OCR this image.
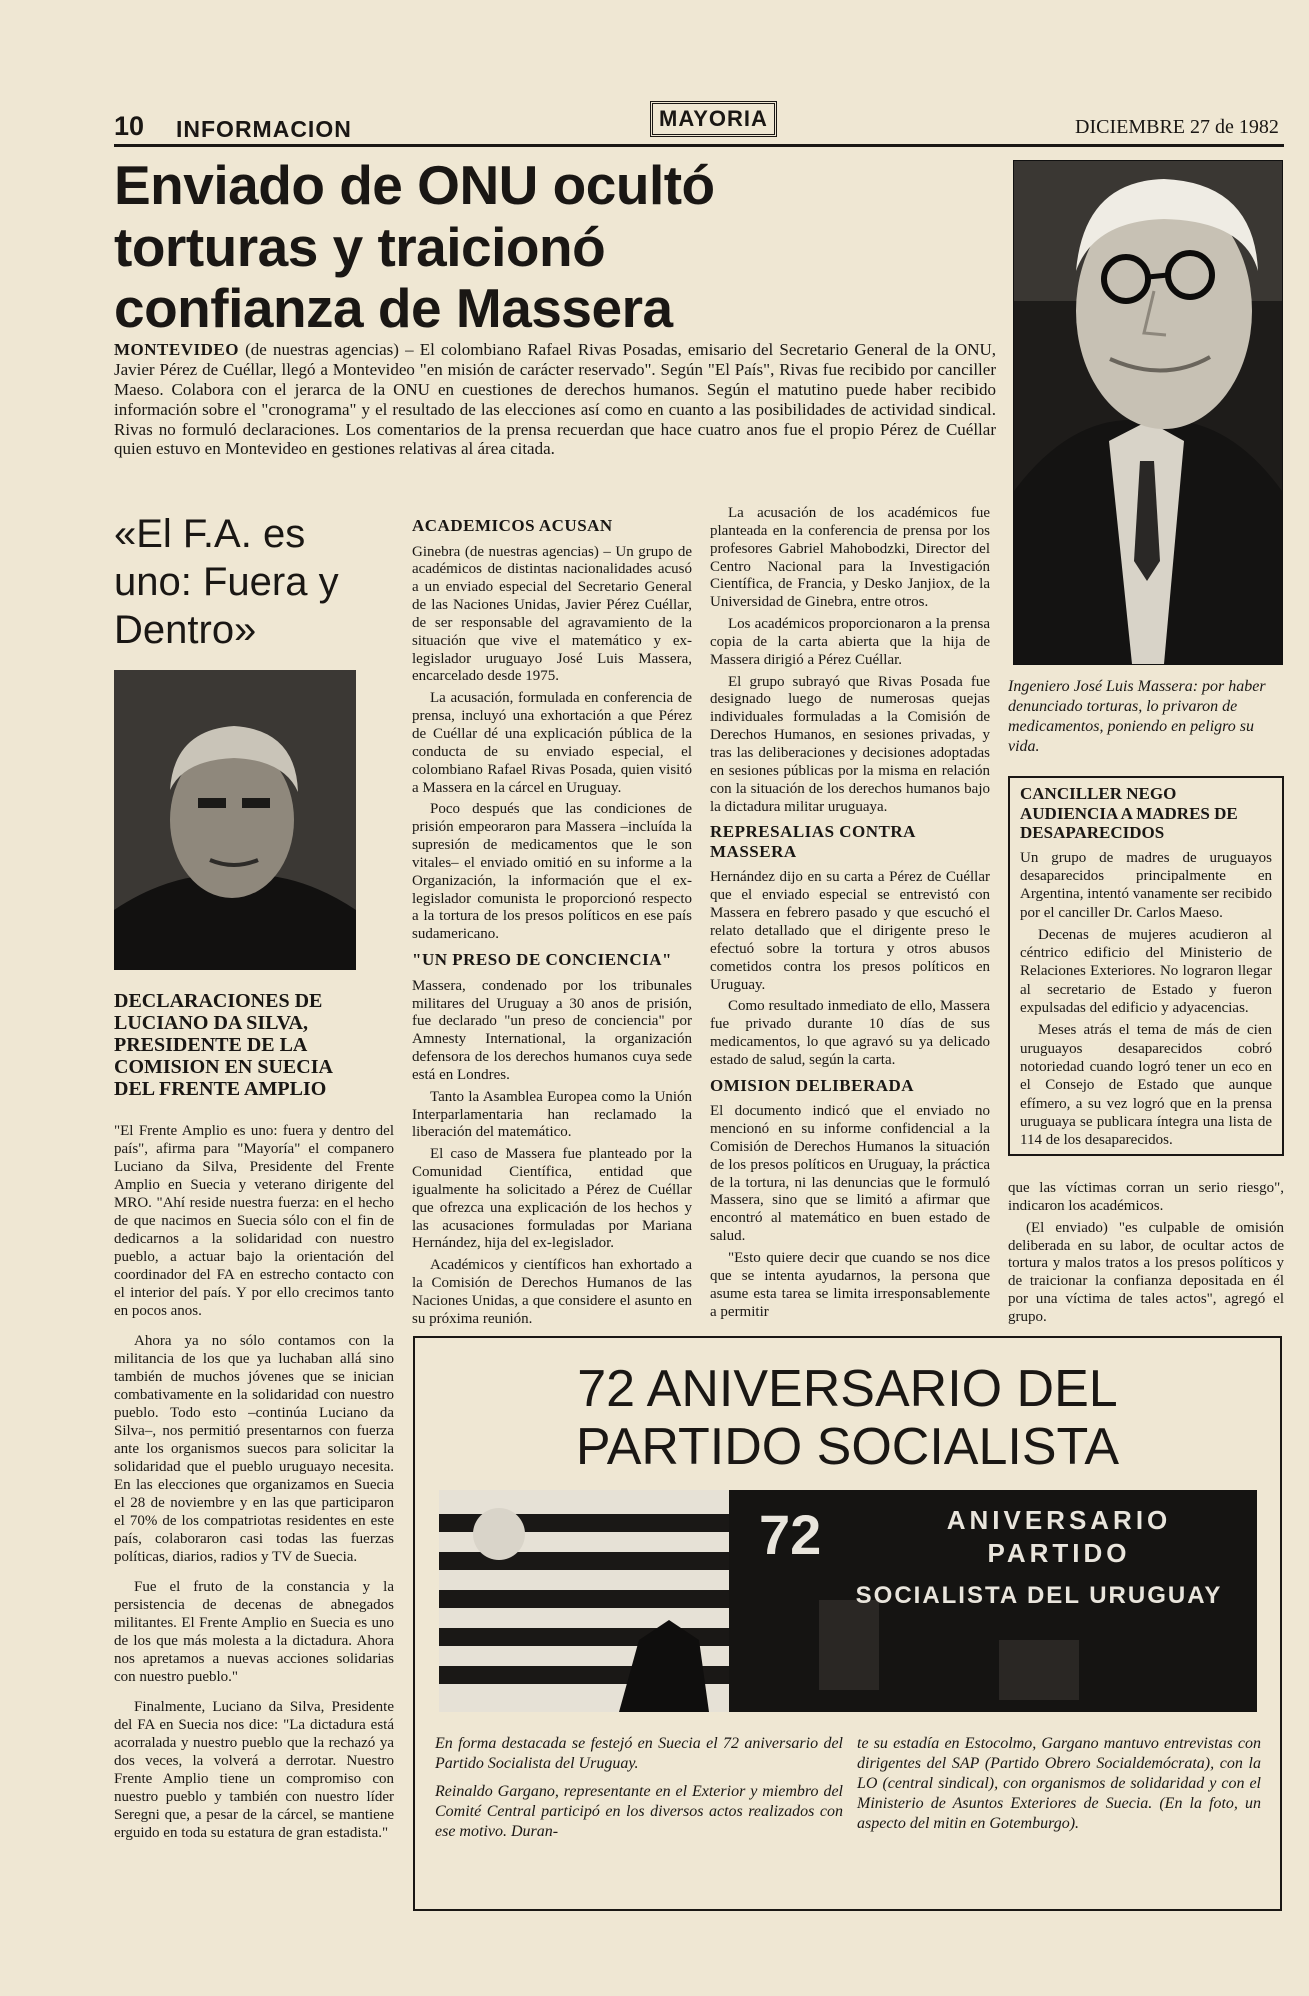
10 INFORMACION	MAYORIA	DICIEMBRE 27 de 1982
Enviado de ONU ocultó
torturas y traicionó
confianza de Massera
MONTEVIDEO (de nuestras agencias) – El colombiano Rafael Rivas Posadas, emisario del Secretario General de la ONU, Javier Pérez de Cuéllar, llegó a Montevideo "en misión de carácter reservado". Según "El País", Rivas fue recibido por canciller Maeso. Colabora con el jerarca de la ONU en cuestiones de derechos humanos. Según el matutino puede haber recibido información sobre el "cronograma" y el resultado de las elecciones así como en cuanto a las posibilidades de actividad sindical. Rivas no formuló declaraciones. Los comentarios de la prensa recuerdan que hace cuatro anos fue el propio Pérez de Cuéllar quien estuvo en Montevideo en gestiones relativas al área citada.
Ingeniero José Luis Massera: por haber denunciado torturas, lo privaron de medicamentos, poniendo en peligro su vida.
CANCILLER NEGO AUDIENCIA A MADRES DE DESAPARECIDOS

Un grupo de madres de uruguayos desaparecidos principalmente en Argentina, intentó vanamente ser recibido por el canciller Dr. Carlos Maeso.

Decenas de mujeres acudieron al céntrico edificio del Ministerio de Relaciones Exteriores. No lograron llegar al secretario de Estado y fueron expulsadas del edificio y adyacencias.

Meses atrás el tema de más de cien uruguayos desaparecidos cobró notoriedad cuando logró tener un eco en el Consejo de Estado que aunque efímero, a su vez logró que en la prensa uruguaya se publicara íntegra una lista de 114 de los desaparecidos.

«El F.A. es uno: Fuera y Dentro»
DECLARACIONES DE LUCIANO DA SILVA, PRESIDENTE DE LA COMISION EN SUECIA DEL FRENTE AMPLIO

"El Frente Amplio es uno: fuera y dentro del país", afirma para "Mayoría" el companero Luciano da Silva, Presidente del Frente Amplio en Suecia y veterano dirigente del MRO. "Ahí reside nuestra fuerza: en el hecho de que nacimos en Suecia sólo con el fin de dedicarnos a la solidaridad con nuestro pueblo, a actuar bajo la orientación del coordinador del FA en estrecho contacto con el interior del país. Y por ello crecimos tanto en pocos anos.

Ahora ya no sólo contamos con la militancia de los que ya luchaban allá sino también de muchos jóvenes que se inician combativamente en la solidaridad con nuestro pueblo. Todo esto –continúa Luciano da Silva–, nos permitió presentarnos con fuerza ante los organismos suecos para solicitar la solidaridad que el pueblo uruguayo necesita. En las elecciones que organizamos en Suecia el 28 de noviembre y en las que participaron el 70% de los compatriotas residentes en este país, colaboraron casi todas las fuerzas políticas, diarios, radios y TV de Suecia.

Fue el fruto de la constancia y la persistencia de decenas de abnegados militantes. El Frente Amplio en Suecia es uno de los que más molesta a la dictadura. Ahora nos apretamos a nuevas acciones solidarias con nuestro pueblo."

Finalmente, Luciano da Silva, Presidente del FA en Suecia nos dice: "La dictadura está acorralada y nuestro pueblo que la rechazó ya dos veces, la volverá a derrotar. Nuestro Frente Amplio tiene un compromiso con nuestro pueblo y también con nuestro líder Seregni que, a pesar de la cárcel, se mantiene erguido en toda su estatura de gran estadista."

ACADEMICOS ACUSAN

Ginebra (de nuestras agencias) – Un grupo de académicos de distintas nacionalidades acusó a un enviado especial del Secretario General de las Naciones Unidas, Javier Pérez Cuéllar, de ser responsable del agravamiento de la situación que vive el matemático y ex-legislador uruguayo José Luis Massera, encarcelado desde 1975.

La acusación, formulada en conferencia de prensa, incluyó una exhortación a que Pérez de Cuéllar dé una explicación pública de la conducta de su enviado especial, el colombiano Rafael Rivas Posada, quien visitó a Massera en la cárcel en Uruguay.

Poco después que las condiciones de prisión empeoraron para Massera –incluída la supresión de medicamentos que le son vitales– el enviado omitió en su informe a la Organización, la información que el ex-legislador comunista le proporcionó respecto a la tortura de los presos políticos en ese país sudamericano.

"UN PRESO DE CONCIENCIA"

Massera, condenado por los tribunales militares del Uruguay a 30 anos de prisión, fue declarado "un preso de conciencia" por Amnesty International, la organización defensora de los derechos humanos cuya sede está en Londres.

Tanto la Asamblea Europea como la Unión Interparlamentaria han reclamado la liberación del matemático.

El caso de Massera fue planteado por la Comunidad Científica, entidad que igualmente ha solicitado a Pérez de Cuéllar que ofrezca una explicación de los hechos y las acusaciones formuladas por Mariana Hernández, hija del ex-legislador.

Académicos y científicos han exhortado a la Comisión de Derechos Humanos de las Naciones Unidas, a que considere el asunto en su próxima reunión.

La acusación de los académicos fue planteada en la conferencia de prensa por los profesores Gabriel Mahobodzki, Director del Centro Nacional para la Investigación Científica, de Francia, y Desko Janjiox, de la Universidad de Ginebra, entre otros.

Los académicos proporcionaron a la prensa copia de la carta abierta que la hija de Massera dirigió a Pérez Cuéllar.

El grupo subrayó que Rivas Posada fue designado luego de numerosas quejas individuales formuladas a la Comisión de Derechos Humanos, en sesiones privadas, y tras las deliberaciones y decisiones adoptadas en sesiones públicas por la misma en relación con la situación de los derechos humanos bajo la dictadura militar uruguaya.

REPRESALIAS CONTRA MASSERA

Hernández dijo en su carta a Pérez de Cuéllar que el enviado especial se entrevistó con Massera en febrero pasado y que escuchó el relato detallado que el dirigente preso le efectuó sobre la tortura y otros abusos cometidos contra los presos políticos en Uruguay.

Como resultado inmediato de ello, Massera fue privado durante 10 días de sus medicamentos, lo que agravó su ya delicado estado de salud, según la carta.

OMISION DELIBERADA

El documento indicó que el enviado no mencionó en su informe confidencial a la Comisión de Derechos Humanos la situación de los presos políticos en Uruguay, la práctica de la tortura, ni las denuncias que le formuló Massera, sino que se limitó a afirmar que encontró al matemático en buen estado de salud.

"Esto quiere decir que cuando se nos dice que se intenta ayudarnos, la persona que asume esta tarea se limita irresponsablemente a permitir

que las víctimas corran un serio riesgo", indicaron los académicos.

(El enviado) "es culpable de omisión deliberada en su labor, de ocultar actos de tortura y malos tratos a los presos políticos y de traicionar la confianza depositada en él por una víctima de tales actos", agregó el grupo.

72 ANIVERSARIO DEL
PARTIDO SOCIALISTA
72	ANIVERSARIO
PARTIDO
SOCIALISTA DEL URUGUAY

En forma destacada se festejó en Suecia el 72 aniversario del Partido Socialista del Uruguay.

Reinaldo Gargano, representante en el Exterior y miembro del Comité Central participó en los diversos actos realizados con ese motivo. Duran-

te su estadía en Estocolmo, Gargano mantuvo entrevistas con dirigentes del SAP (Partido Obrero Socialdemócrata), con la LO (central sindical), con organismos de solidaridad y con el Ministerio de Asuntos Exteriores de Suecia. (En la foto, un aspecto del mitin en Gotemburgo).
